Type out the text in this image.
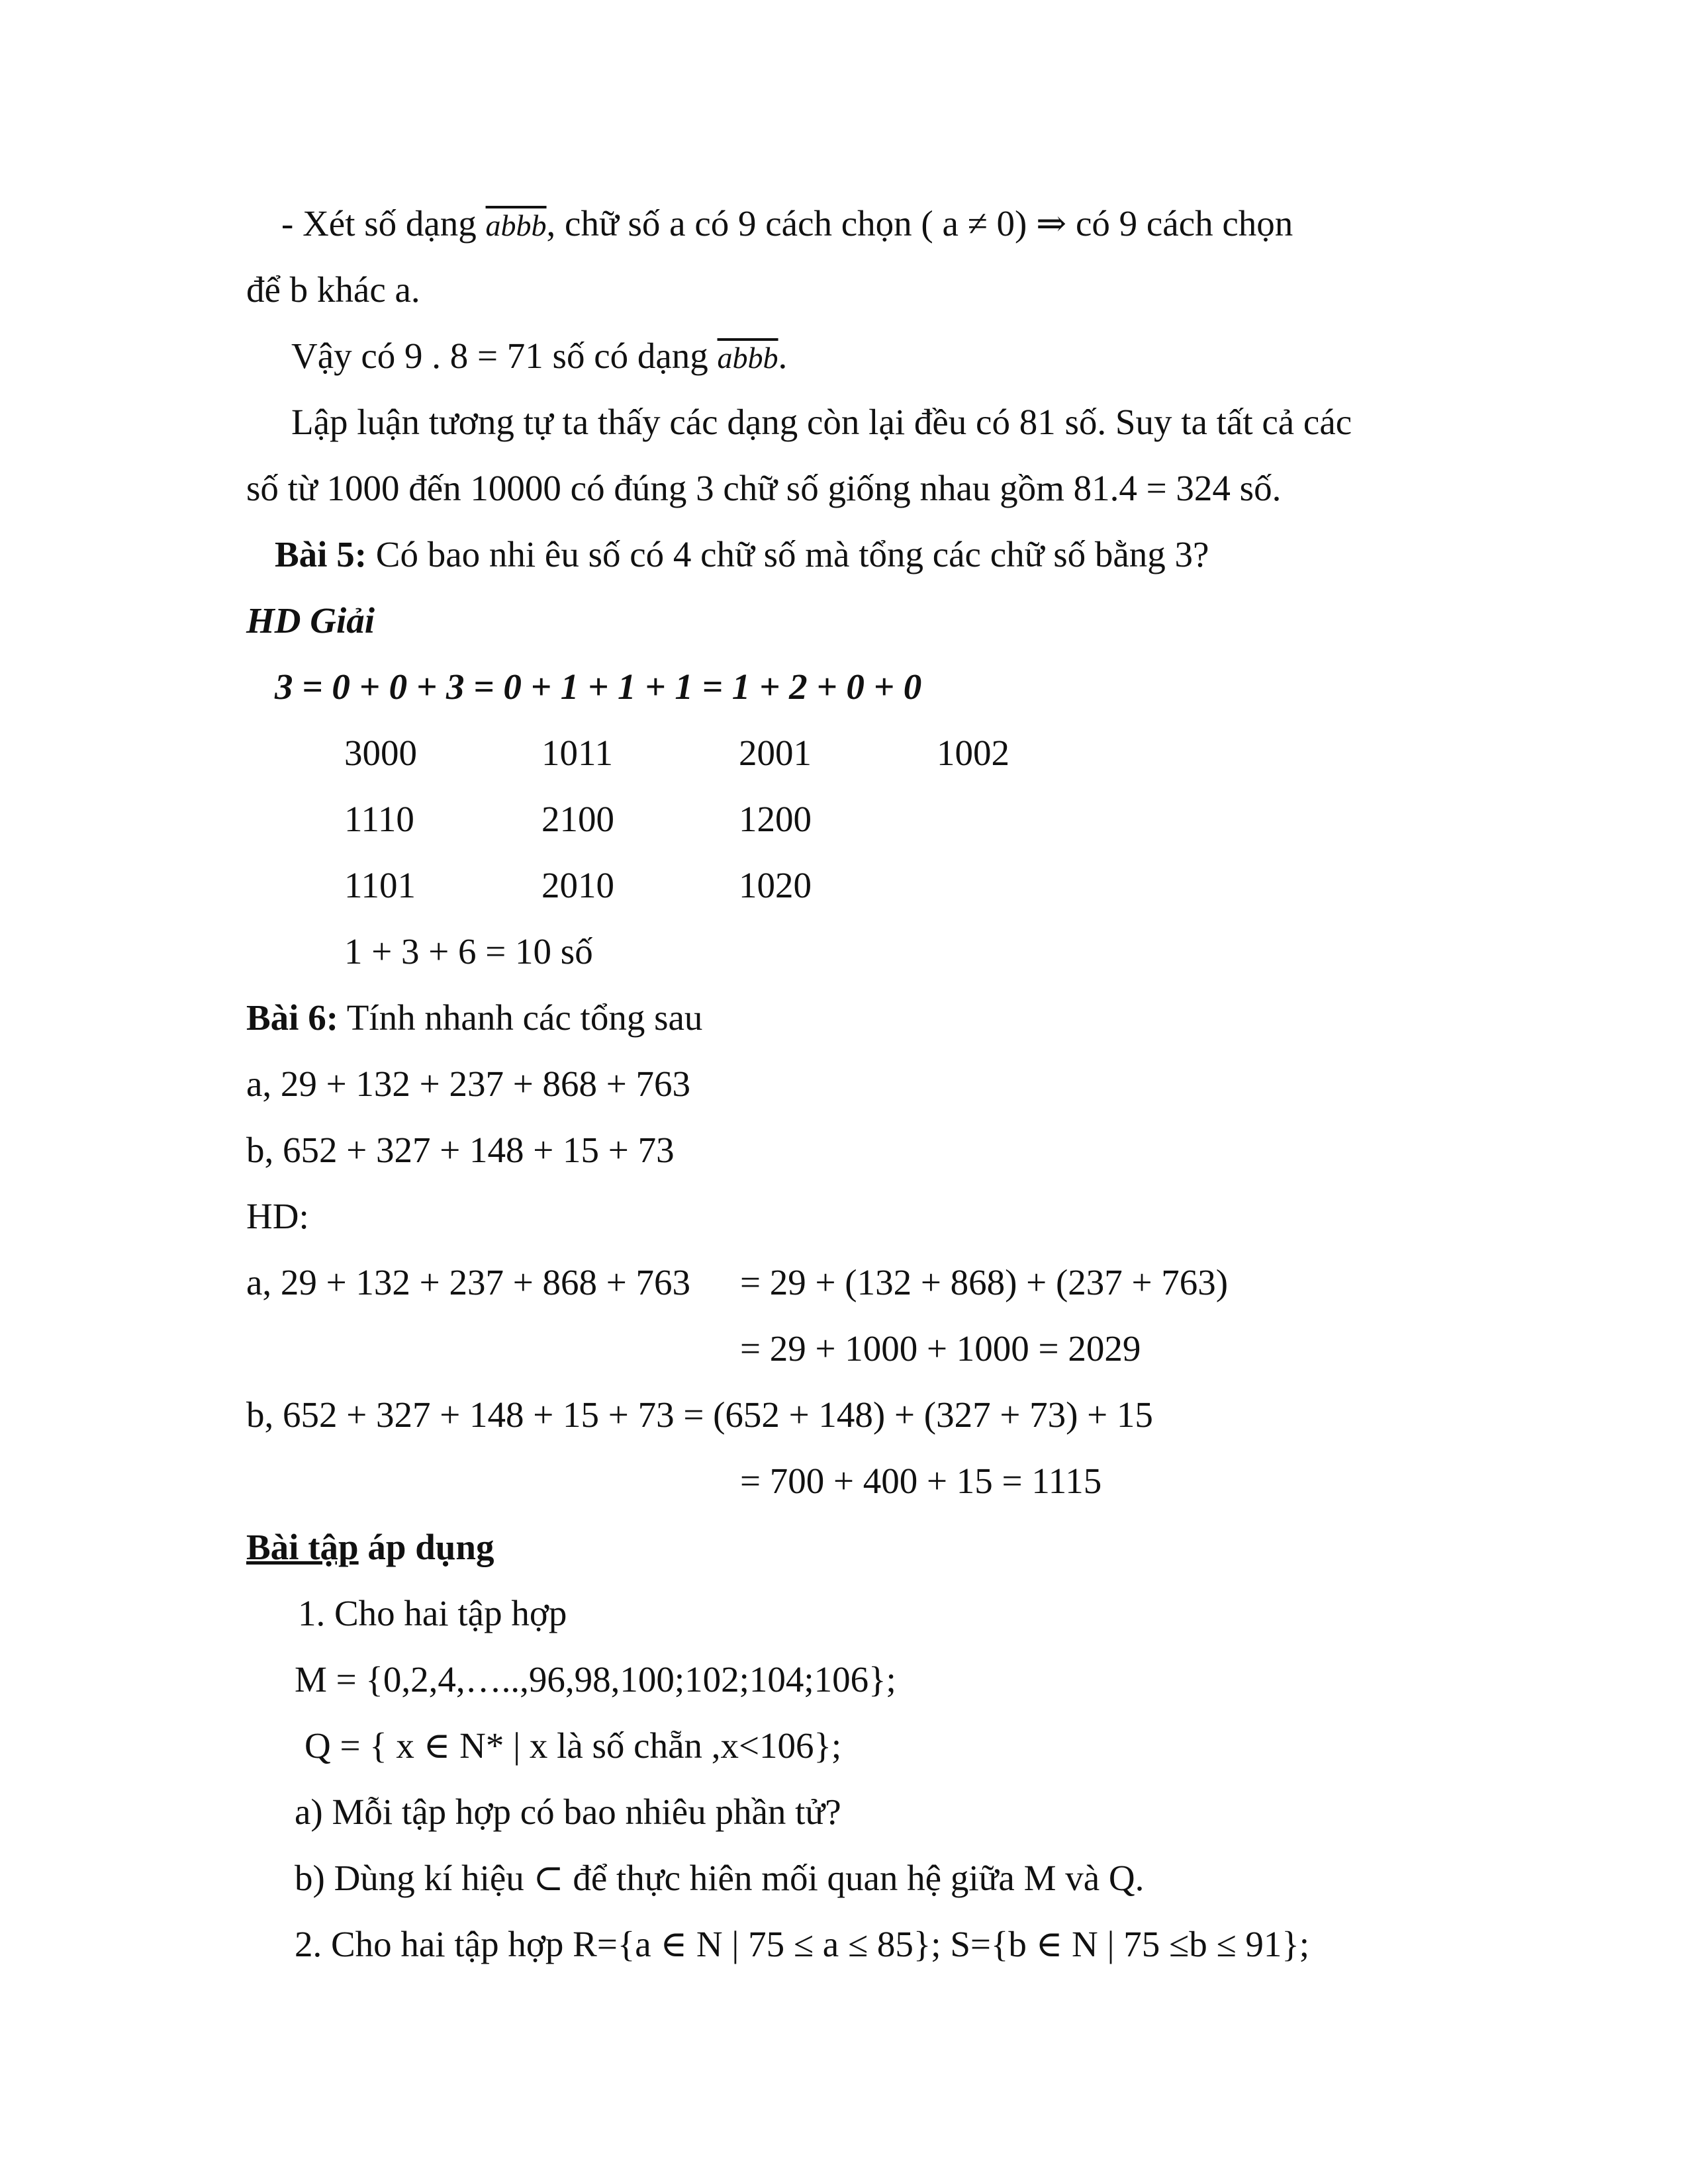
- Xét số dạng abbb, chữ số a có 9 cách chọn ( a ≠ 0) ⇒ có 9 cách chọn
để b khác a.
Vậy có 9 . 8 = 71 số có dạng abbb.
Lập luận tương tự ta thấy các dạng còn lại đều có 81 số. Suy ta tất cả các
số từ 1000 đến 10000 có đúng 3 chữ số giống nhau gồm 81.4 = 324 số.
Bài 5: Có bao nhi êu số có 4 chữ số mà tổng các chữ số bằng 3?
HD Giải
3 = 0 + 0 + 3 = 0 + 1 + 1 + 1 = 1 + 2 + 0 + 0
3000	1011	2001	1002
1110	2100	1200
1101	2010	1020
1 + 3 + 6 = 10 số
Bài 6: Tính nhanh các tổng sau
a, 29 + 132 + 237 + 868 + 763
b, 652 + 327 + 148 + 15 + 73
HD:
a, 29 + 132 + 237 + 868 + 763 = 29 + (132 + 868) + (237 + 763)
= 29 + 1000 + 1000 = 2029
b, 652 + 327 + 148 + 15 + 73 = (652 + 148) + (327 + 73) + 15
= 700 + 400 + 15 = 1115
Bài tập áp dụng
1. Cho hai tập hợp
M = {0,2,4,…..,96,98,100;102;104;106};
Q = { x ∈ N* | x là số chẵn ,x<106};
a) Mỗi tập hợp có bao nhiêu phần tử?
b) Dùng kí hiệu ⊂ để thực hiên mối quan hệ giữa M và Q.
2. Cho hai tập hợp R={a ∈ N | 75 ≤ a ≤ 85}; S={b ∈ N | 75 ≤b ≤ 91};
